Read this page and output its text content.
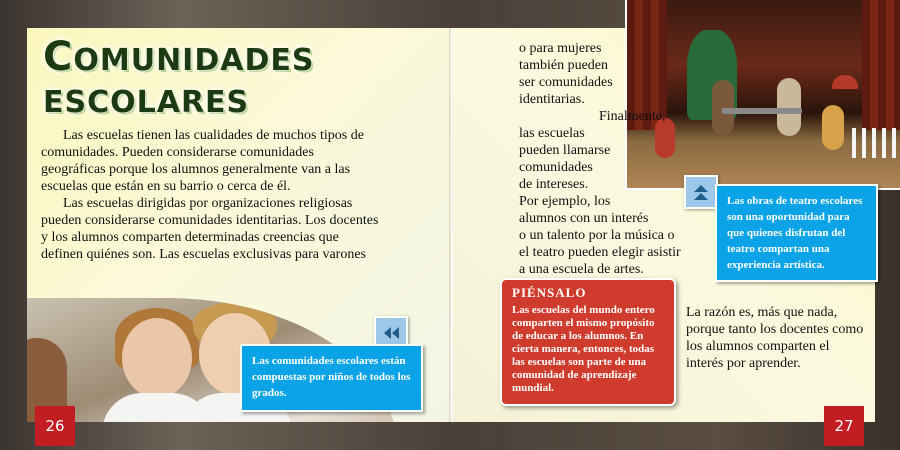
COMUNIDADES
ESCOLARES

Las escuelas tienen las cualidades de muchos tipos de comunidades. Pueden considerarse comunidades geográficas porque los alumnos generalmente van a las escuelas que están en su barrio o cerca de él.

Las escuelas dirigidas por organizaciones religiosas pueden considerarse comunidades identitarias. Los docentes y los alumnos comparten determinadas creencias que definen quiénes son. Las escuelas exclusivas para varones

o para mujeres
también pueden
ser comunidades
identitarias.

Finalmente,
las escuelas
pueden llamarse
comunidades
de intereses.
Por ejemplo, los
alumnos con un interés
o un talento por la música o
el teatro pueden elegir asistir
a una escuela de artes.

PIÉNSALO

Las escuelas del mundo entero comparten el mismo propósito de educar a los alumnos. En cierta manera, entonces, todas las escuelas son parte de una comunidad de aprendizaje mundial.

La razón es, más que nada, porque tanto los docentes como los alumnos comparten el interés por aprender.

Las comunidades escolares están compuestas por niños de todos los grados.
Las obras de teatro escolares son una oportunidad para que quienes disfrutan del teatro compartan una experiencia artística.
26	27
